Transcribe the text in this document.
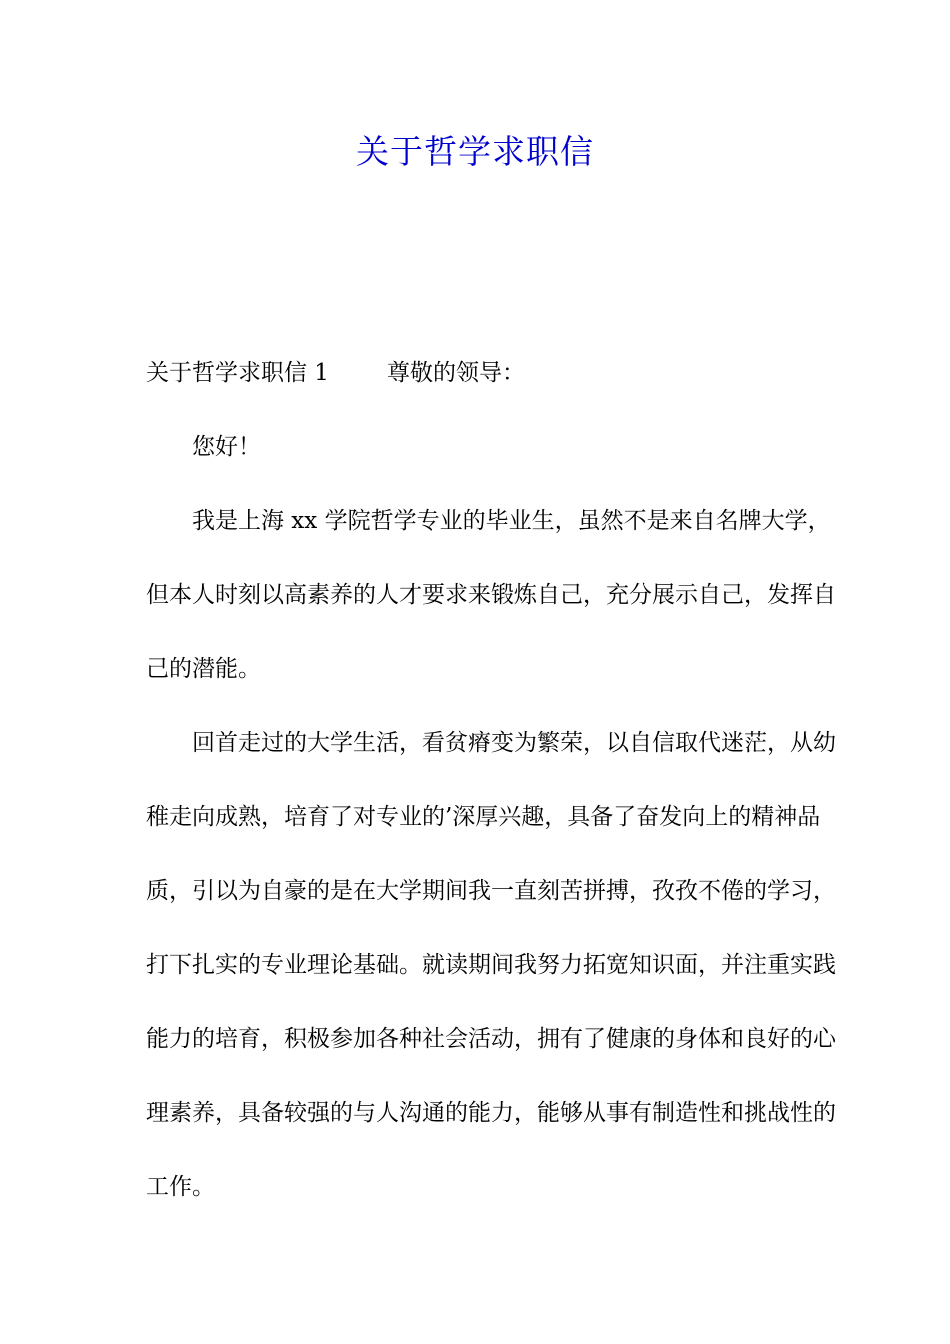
关于哲学求职信

关于哲学求职信 1	尊敬的领导：

您好！

我是上海 xx 学院哲学专业的毕业生，虽然不是来自名牌大学，但本人时刻以高素养的人才要求来锻炼自己，充分展示自己，发挥自己的潜能。

回首走过的大学生活，看贫瘠变为繁荣，以自信取代迷茫，从幼稚走向成熟，培育了对专业的’深厚兴趣，具备了奋发向上的精神品质，引以为自豪的是在大学期间我一直刻苦拼搏，孜孜不倦的学习，打下扎实的专业理论基础。就读期间我努力拓宽知识面，并注重实践能力的培育，积极参加各种社会活动，拥有了健康的身体和良好的心理素养，具备较强的与人沟通的能力，能够从事有制造性和挑战性的工作。
